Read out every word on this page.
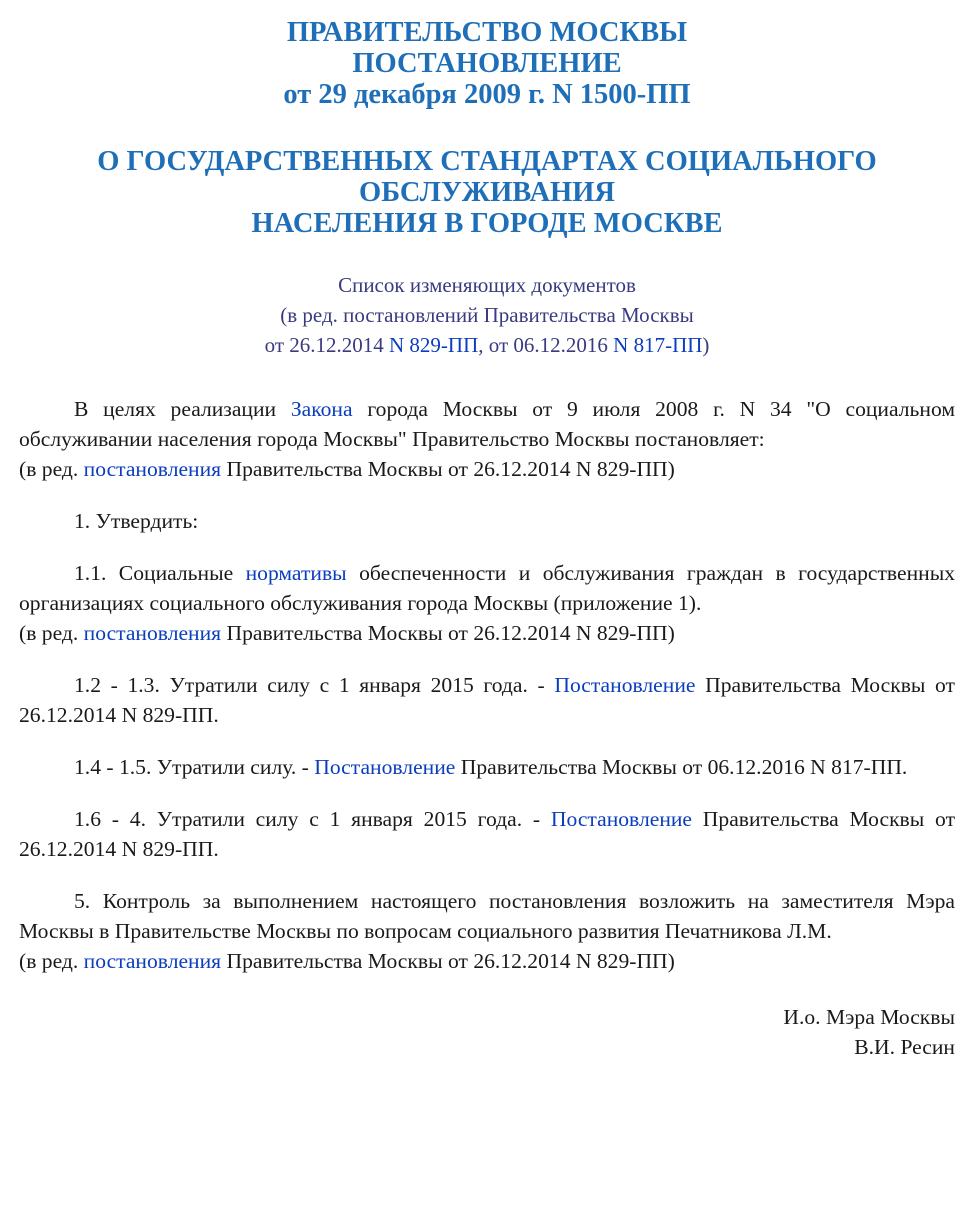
ПРАВИТЕЛЬСТВО МОСКВЫ
ПОСТАНОВЛЕНИЕ
от 29 декабря 2009 г. N 1500-ПП
О ГОСУДАРСТВЕННЫХ СТАНДАРТАХ СОЦИАЛЬНОГО
ОБСЛУЖИВАНИЯ
НАСЕЛЕНИЯ В ГОРОДЕ МОСКВЕ
Список изменяющих документов
(в ред. постановлений Правительства Москвы
от 26.12.2014 N 829-ПП, от 06.12.2016 N 817-ПП)

В целях реализации Закона города Москвы от 9 июля 2008 г. N 34 "О социальном обслуживании населения города Москвы" Правительство Москвы постановляет:

(в ред. постановления Правительства Москвы от 26.12.2014 N 829-ПП)

1. Утвердить:

1.1. Социальные нормативы обеспеченности и обслуживания граждан в государственных организациях социального обслуживания города Москвы (приложение 1).

(в ред. постановления Правительства Москвы от 26.12.2014 N 829-ПП)

1.2 - 1.3. Утратили силу с 1 января 2015 года. - Постановление Правительства Москвы от 26.12.2014 N 829-ПП.

1.4 - 1.5. Утратили силу. - Постановление Правительства Москвы от 06.12.2016 N 817-ПП.

1.6 - 4. Утратили силу с 1 января 2015 года. - Постановление Правительства Москвы от 26.12.2014 N 829-ПП.

5. Контроль за выполнением настоящего постановления возложить на заместителя Мэра Москвы в Правительстве Москвы по вопросам социального развития Печатникова Л.М.

(в ред. постановления Правительства Москвы от 26.12.2014 N 829-ПП)

И.о. Мэра Москвы
В.И. Ресин
